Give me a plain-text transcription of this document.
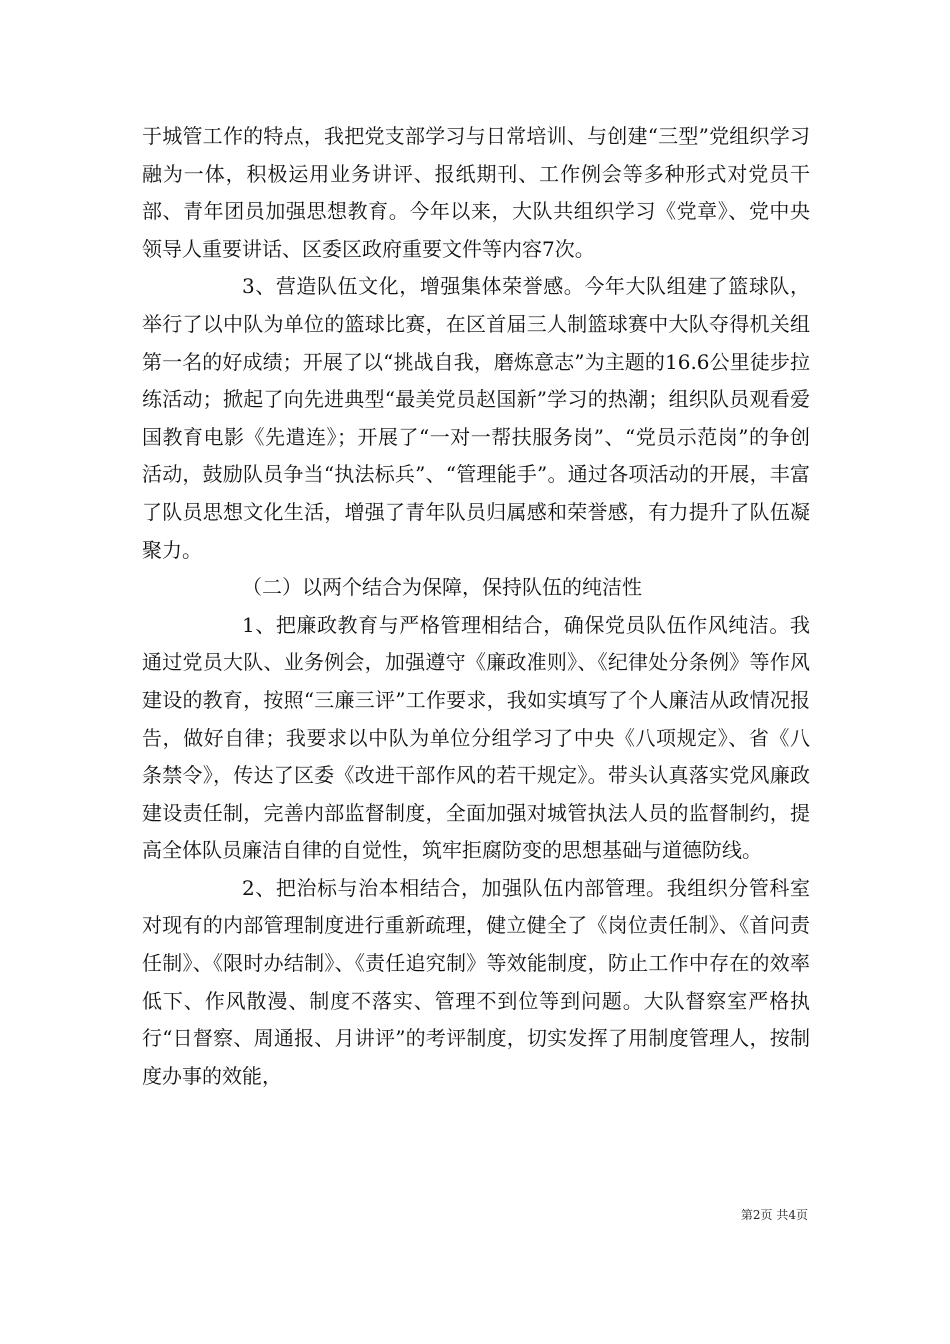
于城管工作的特点，我把党支部学习与日常培训、与创建“三型”党组织学习融为一体，积极运用业务讲评、报纸期刊、工作例会等多种形式对党员干部、青年团员加强思想教育。今年以来，大队共组织学习《党章》、党中央领导人重要讲话、区委区政府重要文件等内容7次。

3、营造队伍文化，增强集体荣誉感。今年大队组建了篮球队，举行了以中队为单位的篮球比赛，在区首届三人制篮球赛中大队夺得机关组第一名的好成绩；开展了以“挑战自我，磨炼意志”为主题的16.6公里徒步拉练活动；掀起了向先进典型“最美党员赵国新”学习的热潮；组织队员观看爱国教育电影《先遣连》；开展了“一对一帮扶服务岗”、“党员示范岗”的争创活动，鼓励队员争当“执法标兵”、“管理能手”。通过各项活动的开展，丰富了队员思想文化生活，增强了青年队员归属感和荣誉感，有力提升了队伍凝聚力。

（二）以两个结合为保障，保持队伍的纯洁性

1、把廉政教育与严格管理相结合，确保党员队伍作风纯洁。我通过党员大队、业务例会，加强遵守《廉政准则》、《纪律处分条例》等作风建设的教育，按照“三廉三评”工作要求，我如实填写了个人廉洁从政情况报告，做好自律；我要求以中队为单位分组学习了中央《八项规定》、省《八条禁令》，传达了区委《改进干部作风的若干规定》。带头认真落实党风廉政建设责任制，完善内部监督制度，全面加强对城管执法人员的监督制约，提高全体队员廉洁自律的自觉性，筑牢拒腐防变的思想基础与道德防线。

2、把治标与治本相结合，加强队伍内部管理。我组织分管科室对现有的内部管理制度进行重新疏理，健立健全了《岗位责任制》、《首问责任制》、《限时办结制》、《责任追究制》等效能制度，防止工作中存在的效率低下、作风散漫、制度不落实、管理不到位等到问题。大队督察室严格执行“日督察、周通报、月讲评”的考评制度，切实发挥了用制度管理人，按制度办事的效能，

第2页 共4页
